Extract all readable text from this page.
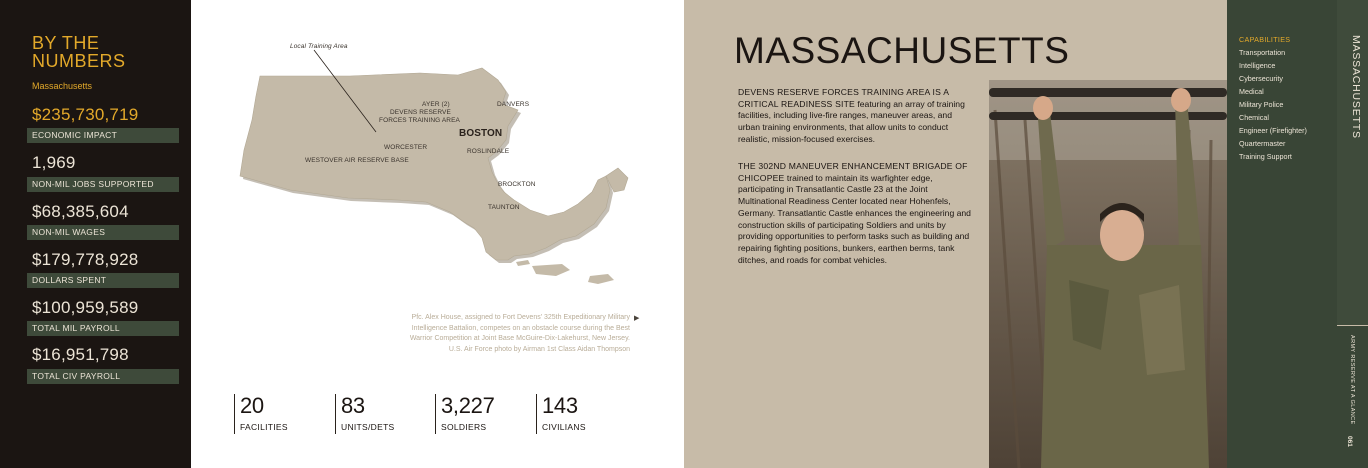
BY THE
NUMBERS
Massachusetts
$235,730,719
ECONOMIC IMPACT
1,969
NON-MIL JOBS SUPPORTED
$68,385,604
NON-MIL WAGES
$179,778,928
DOLLARS SPENT
$100,959,589
TOTAL MIL PAYROLL
$16,951,798
TOTAL CIV PAYROLL
Local Training Area
AYER (2)
DEVENS RESERVE
FORCES TRAINING AREA
DANVERS
BOSTON
WORCESTER
ROSLINDALE
WESTOVER AIR RESERVE BASE
BROCKTON
TAUNTON
Pfc. Alex House, assigned to Fort Devens' 325th Expeditionary Military
Intelligence Battalion, competes on an obstacle course during the Best
Warrior Competition at Joint Base McGuire-Dix-Lakehurst, New Jersey.
U.S. Air Force photo by Airman 1st Class Aidan Thompson
▶
20
FACILITIES
83
UNITS/DETS
3,227
SOLDIERS
143
CIVILIANS
MASSACHUSETTS
DEVENS RESERVE FORCES TRAINING AREA IS A CRITICAL READINESS SITE featuring an array of training facilities, including live-fire ranges, maneuver areas, and urban training environments, that allow units to conduct realistic, mission-focused exercises.
THE 302ND MANEUVER ENHANCEMENT BRIGADE OF CHICOPEE trained to maintain its warfighter edge, participating in Transatlantic Castle 23 at the Joint Multinational Readiness Center located near Hohenfels, Germany. Transatlantic Castle enhances the engineering and construction skills of participating Soldiers and units by providing opportunities to perform tasks such as building and repairing fighting positions, bunkers, earthen berms, tank ditches, and roads for combat vehicles.
CAPABILITIES
Transportation
Intelligence
Cybersecurity
Medical
Military Police
Chemical
Engineer (Firefighter)
Quartermaster
Training Support
MASSACHUSETTS
ARMY RESERVE AT A GLANCE
061
